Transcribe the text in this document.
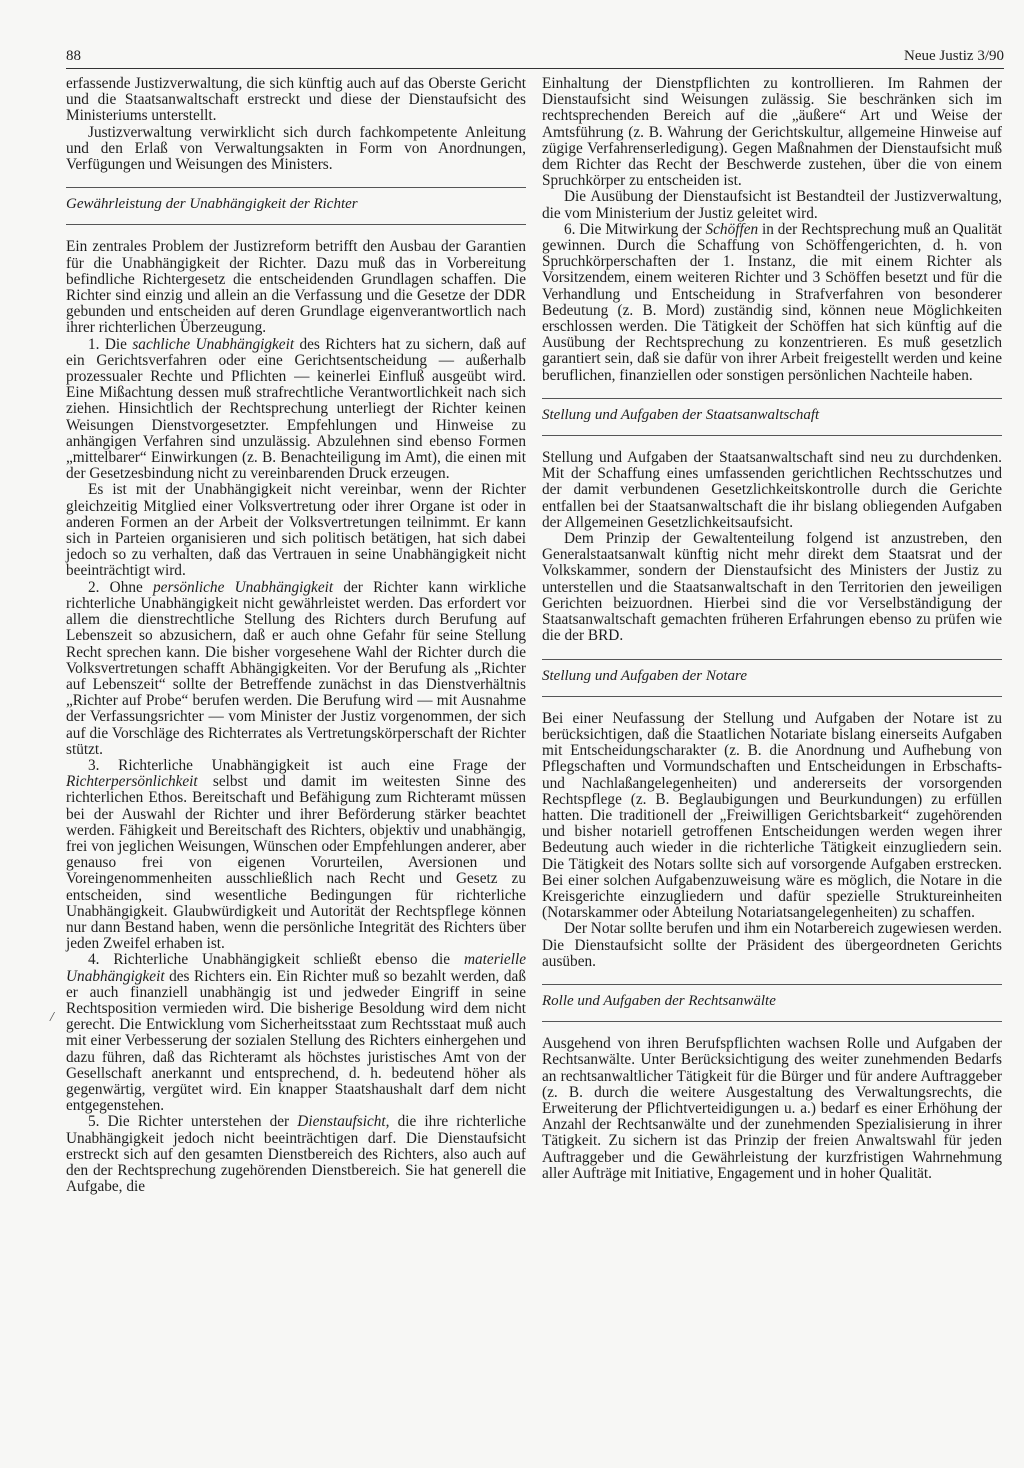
88	Neue Justiz 3/90
/

erfassende Justizverwaltung, die sich künftig auch auf das Oberste Gericht und die Staatsanwaltschaft erstreckt und diese der Dienstaufsicht des Ministeriums unterstellt.

Justizverwaltung verwirklicht sich durch fachkompetente Anleitung und den Erlaß von Verwaltungsakten in Form von Anordnungen, Verfügungen und Weisungen des Ministers.

Gewährleistung der Unabhängigkeit der Richter

Ein zentrales Problem der Justizreform betrifft den Ausbau der Garantien für die Unabhängigkeit der Richter. Dazu muß das in Vorbereitung befindliche Richtergesetz die entscheidenden Grundlagen schaffen. Die Richter sind einzig und allein an die Verfassung und die Gesetze der DDR gebunden und entscheiden auf deren Grundlage eigenverantwortlich nach ihrer richterlichen Überzeugung.

1. Die sachliche Unabhängigkeit des Richters hat zu sichern, daß auf ein Gerichtsverfahren oder eine Gerichtsentscheidung — außerhalb prozessualer Rechte und Pflichten — keinerlei Einfluß ausgeübt wird. Eine Mißachtung dessen muß strafrechtliche Verantwortlichkeit nach sich ziehen. Hinsichtlich der Rechtsprechung unterliegt der Richter keinen Weisungen Dienstvorgesetzter. Empfehlungen und Hinweise zu anhängigen Verfahren sind unzulässig. Abzulehnen sind ebenso Formen „mittelbarer“ Einwirkungen (z. B. Benachteiligung im Amt), die einen mit der Gesetzesbindung nicht zu vereinbarenden Druck erzeugen.

Es ist mit der Unabhängigkeit nicht vereinbar, wenn der Richter gleichzeitig Mitglied einer Volksvertretung oder ihrer Organe ist oder in anderen Formen an der Arbeit der Volksvertretungen teilnimmt. Er kann sich in Parteien organisieren und sich politisch betätigen, hat sich dabei jedoch so zu verhalten, daß das Vertrauen in seine Unabhängigkeit nicht beeinträchtigt wird.

2. Ohne persönliche Unabhängigkeit der Richter kann wirkliche richterliche Unabhängigkeit nicht gewährleistet werden. Das erfordert vor allem die dienstrechtliche Stellung des Richters durch Berufung auf Lebenszeit so abzusichern, daß er auch ohne Gefahr für seine Stellung Recht sprechen kann. Die bisher vorgesehene Wahl der Richter durch die Volksvertretungen schafft Abhängigkeiten. Vor der Berufung als „Richter auf Lebenszeit“ sollte der Betreffende zunächst in das Dienstverhältnis „Richter auf Probe“ berufen werden. Die Berufung wird — mit Ausnahme der Verfassungsrichter — vom Minister der Justiz vorgenommen, der sich auf die Vorschläge des Richterrates als Vertretungskörperschaft der Richter stützt.

3. Richterliche Unabhängigkeit ist auch eine Frage der Richterpersönlichkeit selbst und damit im weitesten Sinne des richterlichen Ethos. Bereitschaft und Befähigung zum Richteramt müssen bei der Auswahl der Richter und ihrer Beförderung stärker beachtet werden. Fähigkeit und Bereitschaft des Richters, objektiv und unabhängig, frei von jeglichen Weisungen, Wünschen oder Empfehlungen anderer, aber genauso frei von eigenen Vorurteilen, Aversionen und Voreingenommenheiten ausschließlich nach Recht und Gesetz zu entscheiden, sind wesentliche Bedingungen für richterliche Unabhängigkeit. Glaubwürdigkeit und Autorität der Rechtspflege können nur dann Bestand haben, wenn die persönliche Integrität des Richters über jeden Zweifel erhaben ist.

4. Richterliche Unabhängigkeit schließt ebenso die materielle Unabhängigkeit des Richters ein. Ein Richter muß so bezahlt werden, daß er auch finanziell unabhängig ist und jedweder Eingriff in seine Rechtsposition vermieden wird. Die bisherige Besoldung wird dem nicht gerecht. Die Entwicklung vom Sicherheitsstaat zum Rechtsstaat muß auch mit einer Verbesserung der sozialen Stellung des Richters einhergehen und dazu führen, daß das Richteramt als höchstes juristisches Amt von der Gesellschaft anerkannt und entsprechend, d. h. bedeutend höher als gegenwärtig, vergütet wird. Ein knapper Staatshaushalt darf dem nicht entgegenstehen.

5. Die Richter unterstehen der Dienstaufsicht, die ihre richterliche Unabhängigkeit jedoch nicht beeinträchtigen darf. Die Dienstaufsicht erstreckt sich auf den gesamten Dienstbereich des Richters, also auch auf den der Rechtsprechung zugehörenden Dienstbereich. Sie hat generell die Aufgabe, die

Einhaltung der Dienstpflichten zu kontrollieren. Im Rahmen der Dienstaufsicht sind Weisungen zulässig. Sie beschränken sich im rechtsprechenden Bereich auf die „äußere“ Art und Weise der Amtsführung (z. B. Wahrung der Gerichtskultur, allgemeine Hinweise auf zügige Verfahrenserledigung). Gegen Maßnahmen der Dienstaufsicht muß dem Richter das Recht der Beschwerde zustehen, über die von einem Spruchkörper zu entscheiden ist.

Die Ausübung der Dienstaufsicht ist Bestandteil der Justizverwaltung, die vom Ministerium der Justiz geleitet wird.

6. Die Mitwirkung der Schöffen in der Rechtsprechung muß an Qualität gewinnen. Durch die Schaffung von Schöffengerichten, d. h. von Spruchkörperschaften der 1. Instanz, die mit einem Richter als Vorsitzendem, einem weiteren Richter und 3 Schöffen besetzt und für die Verhandlung und Entscheidung in Strafverfahren von besonderer Bedeutung (z. B. Mord) zuständig sind, können neue Möglichkeiten erschlossen werden. Die Tätigkeit der Schöffen hat sich künftig auf die Ausübung der Rechtsprechung zu konzentrieren. Es muß gesetzlich garantiert sein, daß sie dafür von ihrer Arbeit freigestellt werden und keine beruflichen, finanziellen oder sonstigen persönlichen Nachteile haben.

Stellung und Aufgaben der Staatsanwaltschaft

Stellung und Aufgaben der Staatsanwaltschaft sind neu zu durchdenken. Mit der Schaffung eines umfassenden gerichtlichen Rechtsschutzes und der damit verbundenen Gesetzlichkeitskontrolle durch die Gerichte entfallen bei der Staatsanwaltschaft die ihr bislang obliegenden Aufgaben der Allgemeinen Gesetzlichkeitsaufsicht.

Dem Prinzip der Gewaltenteilung folgend ist anzustreben, den Generalstaatsanwalt künftig nicht mehr direkt dem Staatsrat und der Volkskammer, sondern der Dienstaufsicht des Ministers der Justiz zu unterstellen und die Staatsanwaltschaft in den Territorien den jeweiligen Gerichten beizuordnen. Hierbei sind die vor Verselbständigung der Staatsanwaltschaft gemachten früheren Erfahrungen ebenso zu prüfen wie die der BRD.

Stellung und Aufgaben der Notare

Bei einer Neufassung der Stellung und Aufgaben der Notare ist zu berücksichtigen, daß die Staatlichen Notariate bislang einerseits Aufgaben mit Entscheidungscharakter (z. B. die Anordnung und Aufhebung von Pflegschaften und Vormundschaften und Entscheidungen in Erbschafts- und Nachlaßangelegenheiten) und andererseits der vorsorgenden Rechtspflege (z. B. Beglaubigungen und Beurkundungen) zu erfüllen hatten. Die traditionell der „Freiwilligen Gerichtsbarkeit“ zugehörenden und bisher notariell getroffenen Entscheidungen werden wegen ihrer Bedeutung auch wieder in die richterliche Tätigkeit einzugliedern sein. Die Tätigkeit des Notars sollte sich auf vorsorgende Aufgaben erstrecken. Bei einer solchen Aufgabenzuweisung wäre es möglich, die Notare in die Kreisgerichte einzugliedern und dafür spezielle Struktureinheiten (Notarskammer oder Abteilung Notariatsangelegenheiten) zu schaffen.

Der Notar sollte berufen und ihm ein Notarbereich zugewiesen werden. Die Dienstaufsicht sollte der Präsident des übergeordneten Gerichts ausüben.

Rolle und Aufgaben der Rechtsanwälte

Ausgehend von ihren Berufspflichten wachsen Rolle und Aufgaben der Rechtsanwälte. Unter Berücksichtigung des weiter zunehmenden Bedarfs an rechtsanwaltlicher Tätigkeit für die Bürger und für andere Auftraggeber (z. B. durch die weitere Ausgestaltung des Verwaltungsrechts, die Erweiterung der Pflichtverteidigungen u. a.) bedarf es einer Erhöhung der Anzahl der Rechtsanwälte und der zunehmenden Spezialisierung in ihrer Tätigkeit. Zu sichern ist das Prinzip der freien Anwaltswahl für jeden Auftraggeber und die Gewährleistung der kurzfristigen Wahrnehmung aller Aufträge mit Initiative, Engagement und in hoher Qualität.
